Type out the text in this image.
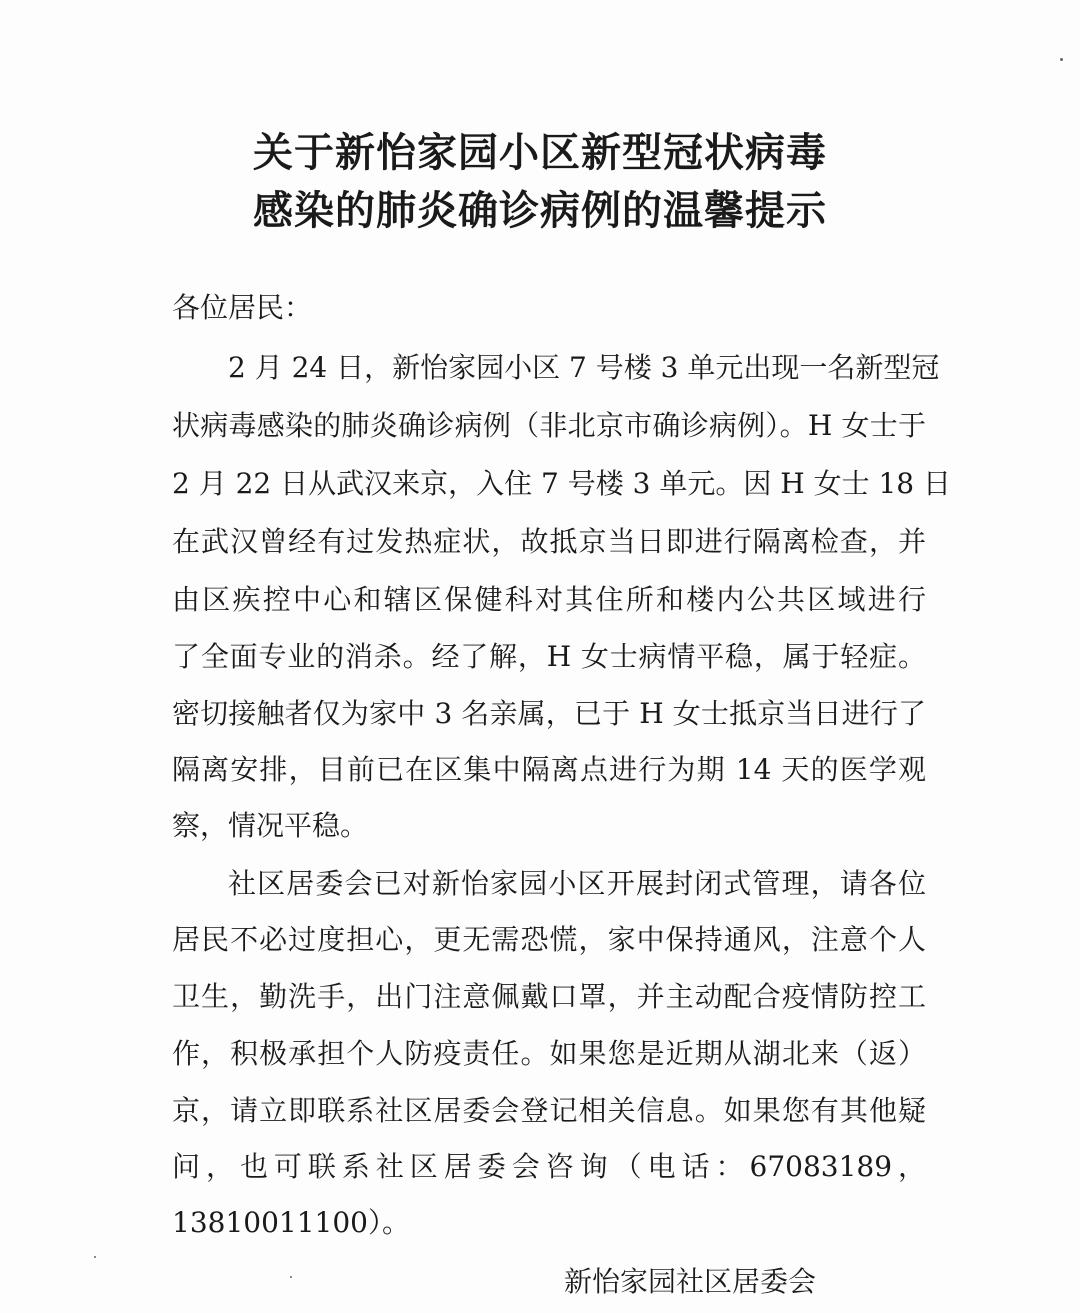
关于新怡家园小区新型冠状病毒
感染的肺炎确诊病例的温馨提示
各位居民：
2 月 24 日，新怡家园小区 7 号楼 3 单元出现一名新型冠
状病毒感染的肺炎确诊病例（非北京市确诊病例）。H 女士于
2 月 22 日从武汉来京，入住 7 号楼 3 单元。因 H 女士 18 日
在武汉曾经有过发热症状，故抵京当日即进行隔离检查，并
由区疾控中心和辖区保健科对其住所和楼内公共区域进行
了全面专业的消杀。经了解，H 女士病情平稳，属于轻症。
密切接触者仅为家中 3 名亲属，已于 H 女士抵京当日进行了
隔离安排，目前已在区集中隔离点进行为期 14 天的医学观
察，情况平稳。
社区居委会已对新怡家园小区开展封闭式管理，请各位
居民不必过度担心，更无需恐慌，家中保持通风，注意个人
卫生，勤洗手，出门注意佩戴口罩，并主动配合疫情防控工
作，积极承担个人防疫责任。如果您是近期从湖北来（返）
京，请立即联系社区居委会登记相关信息。如果您有其他疑
问，也可联系社区居委会咨询（电话：67083189，
13810011100）。
新怡家园社区居委会
